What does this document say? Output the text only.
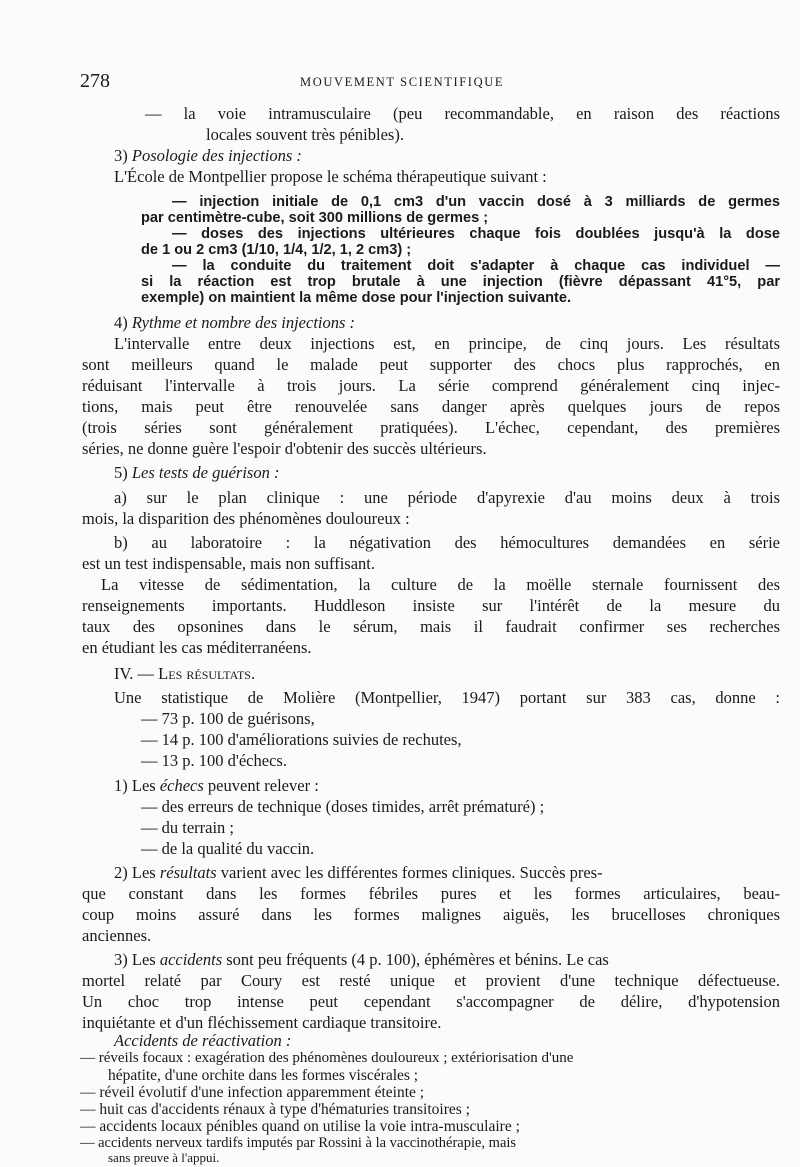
278	MOUVEMENT SCIENTIFIQUE
— la voie intramusculaire (peu recommandable, en raison des réactions
locales souvent très pénibles).
3) Posologie des injections :
L'École de Montpellier propose le schéma thérapeutique suivant :
— injection initiale de 0,1 cm3 d'un vaccin dosé à 3 milliards de germes
par centimètre-cube, soit 300 millions de germes ;
— doses des injections ultérieures chaque fois doublées jusqu'à la dose
de 1 ou 2 cm3 (1/10, 1/4, 1/2, 1, 2 cm3) ;
— la conduite du traitement doit s'adapter à chaque cas individuel —
si la réaction est trop brutale à une injection (fièvre dépassant 41°5, par
exemple) on maintient la même dose pour l'injection suivante.
4) Rythme et nombre des injections :
L'intervalle entre deux injections est, en principe, de cinq jours. Les résultats
sont meilleurs quand le malade peut supporter des chocs plus rapprochés, en
réduisant l'intervalle à trois jours. La série comprend généralement cinq injec-
tions, mais peut être renouvelée sans danger après quelques jours de repos
(trois séries sont généralement pratiquées). L'échec, cependant, des premières
séries, ne donne guère l'espoir d'obtenir des succès ultérieurs.
5) Les tests de guérison :
a) sur le plan clinique : une période d'apyrexie d'au moins deux à trois
mois, la disparition des phénomènes douloureux :
b) au laboratoire : la négativation des hémocultures demandées en série
est un test indispensable, mais non suffisant.
La vitesse de sédimentation, la culture de la moëlle sternale fournissent des
renseignements importants. Huddleson insiste sur l'intérêt de la mesure du
taux des opsonines dans le sérum, mais il faudrait confirmer ses recherches
en étudiant les cas méditerranéens.
IV. — Les résultats.
Une statistique de Molière (Montpellier, 1947) portant sur 383 cas, donne :
— 73 p. 100 de guérisons,
— 14 p. 100 d'améliorations suivies de rechutes,
— 13 p. 100 d'échecs.
1) Les échecs peuvent relever :
— des erreurs de technique (doses timides, arrêt prématuré) ;
— du terrain ;
— de la qualité du vaccin.
2) Les résultats varient avec les différentes formes cliniques. Succès pres-
que constant dans les formes fébriles pures et les formes articulaires, beau-
coup moins assuré dans les formes malignes aiguës, les brucelloses chroniques
anciennes.
3) Les accidents sont peu fréquents (4 p. 100), éphémères et bénins. Le cas
mortel relaté par Coury est resté unique et provient d'une technique défectueuse.
Un choc trop intense peut cependant s'accompagner de délire, d'hypotension
inquiétante et d'un fléchissement cardiaque transitoire.
Accidents de réactivation :
— réveils focaux : exagération des phénomènes douloureux ; extériorisation d'une
hépatite, d'une orchite dans les formes viscérales ;
— réveil évolutif d'une infection apparemment éteinte ;
— huit cas d'accidents rénaux à type d'hématuries transitoires ;
— accidents locaux pénibles quand on utilise la voie intra-musculaire ;
— accidents nerveux tardifs imputés par Rossini à la vaccinothérapie, mais
sans preuve à l'appui.
